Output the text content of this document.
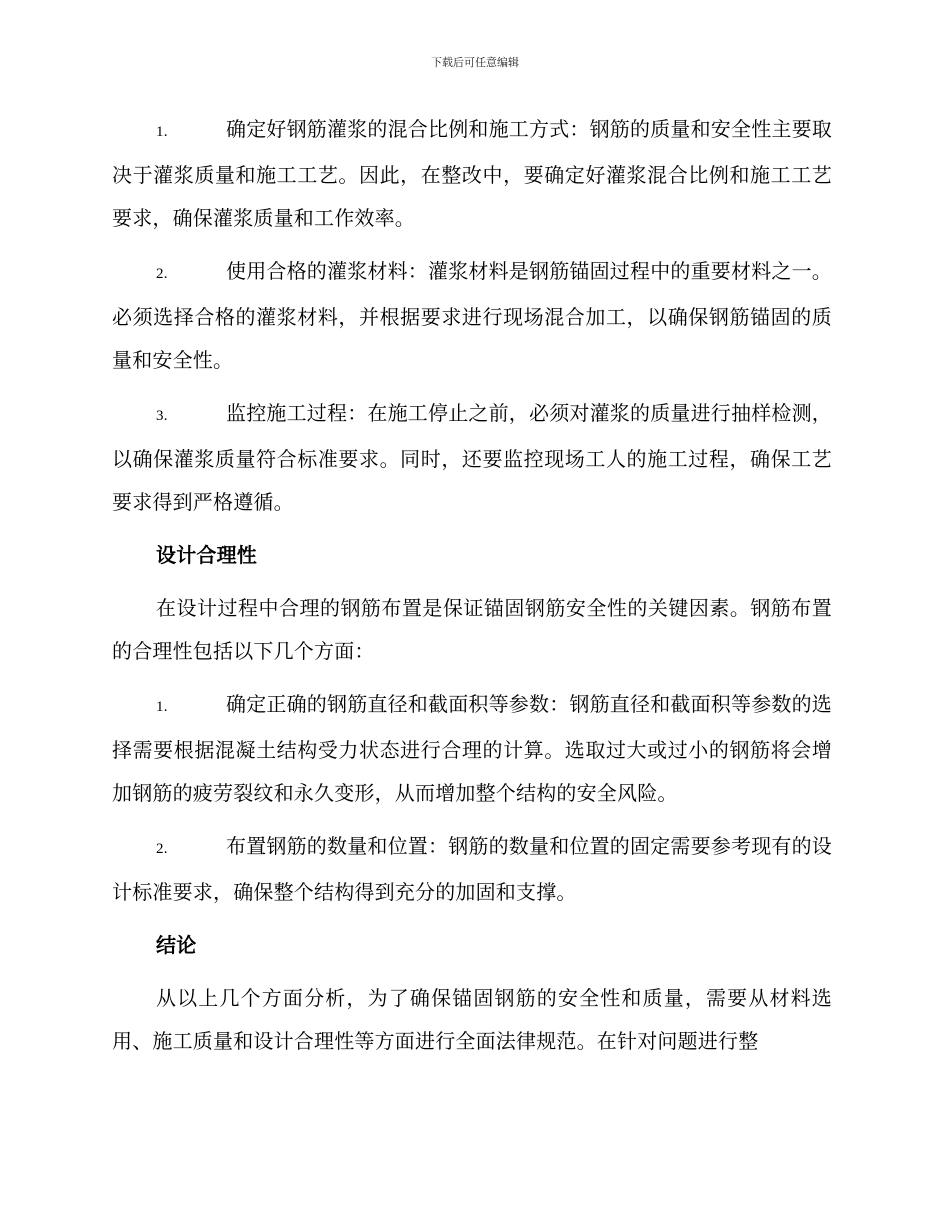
下载后可任意编辑

1.	确定好钢筋灌浆的混合比例和施工方式：钢筋的质量和安全性主要取决于灌浆质量和施工工艺。因此，在整改中，要确定好灌浆混合比例和施工工艺要求，确保灌浆质量和工作效率。

2.	使用合格的灌浆材料：灌浆材料是钢筋锚固过程中的重要材料之一。必须选择合格的灌浆材料，并根据要求进行现场混合加工，以确保钢筋锚固的质量和安全性。

3.	监控施工过程：在施工停止之前，必须对灌浆的质量进行抽样检测，以确保灌浆质量符合标准要求。同时，还要监控现场工人的施工过程，确保工艺要求得到严格遵循。

设计合理性

在设计过程中合理的钢筋布置是保证锚固钢筋安全性的关键因素。钢筋布置的合理性包括以下几个方面：

1.	确定正确的钢筋直径和截面积等参数：钢筋直径和截面积等参数的选择需要根据混凝土结构受力状态进行合理的计算。选取过大或过小的钢筋将会增加钢筋的疲劳裂纹和永久变形，从而增加整个结构的安全风险。

2.	布置钢筋的数量和位置：钢筋的数量和位置的固定需要参考现有的设计标准要求，确保整个结构得到充分的加固和支撑。

结论

从以上几个方面分析，为了确保锚固钢筋的安全性和质量，需要从材料选用、施工质量和设计合理性等方面进行全面法律规范。在针对问题进行整
